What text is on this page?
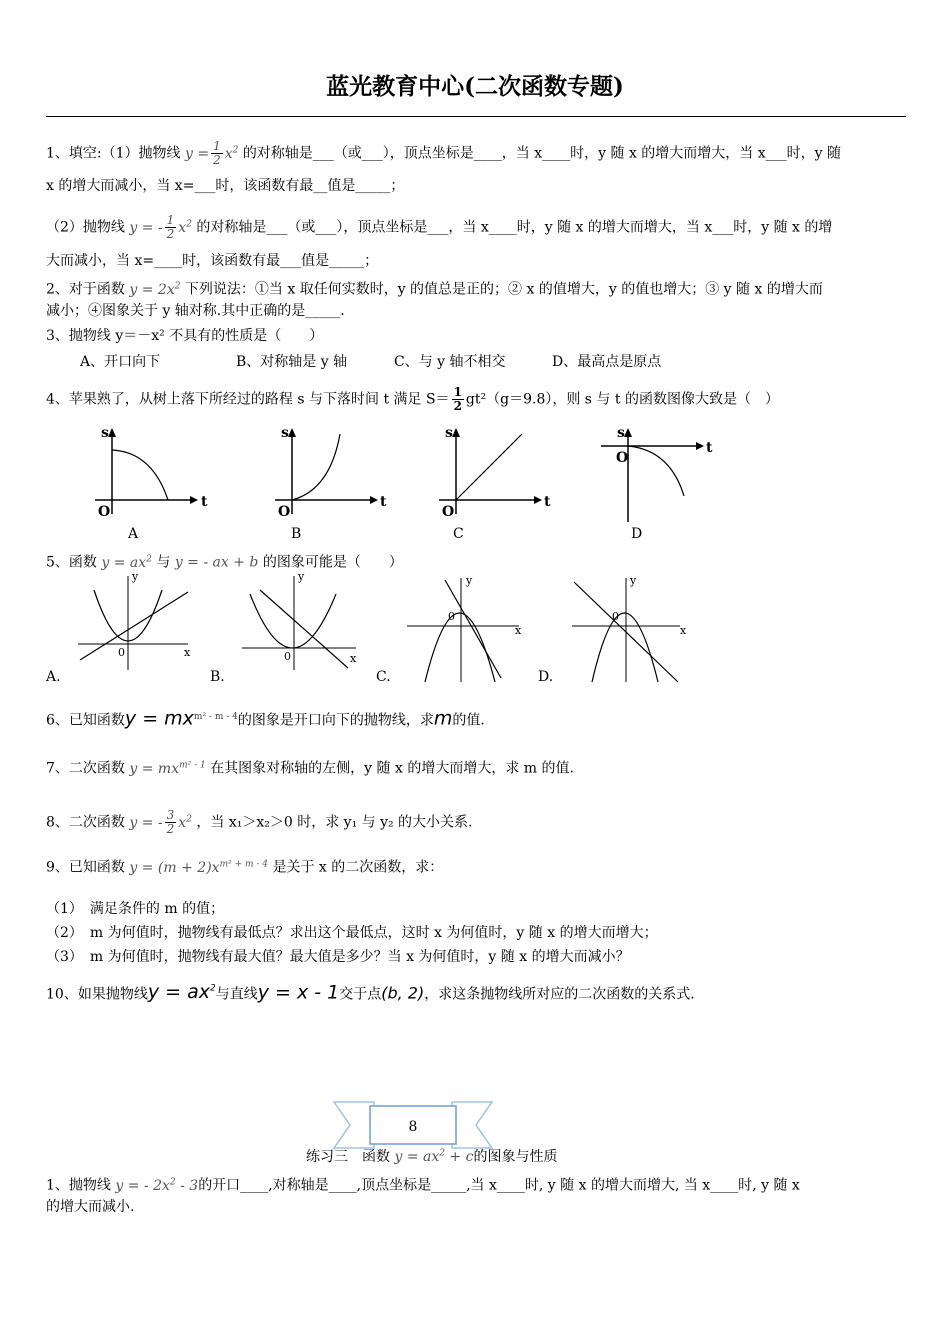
蓝光教育中心(二次函数专题)
1、填空:（1）抛物线 $y = \frac{1}{2} x^2$ 的对称轴是___（或___），顶点坐标是____，当 x____时，y 随 x 的增大而增大，当 x___时，y 随
x 的增大而减小，当 x=___时，该函数有最__值是_____；
（2）抛物线 y = - $\frac{1}{2} x^2$ 的对称轴是___（或___），顶点坐标是___，当 x____时，y 随 x 的增大而增大，当 x___时，y 随 x 的增
大而减小，当 x=____时，该函数有最___值是_____；
2、对于函数 $y = 2x^2$ 下列说法：①当 x 取任何实数时，y 的值总是正的；② x 的值增大，y 的值也增大；③ y 随 x 的增大而
减小；④图象关于 y 轴对称.其中正确的是_____.
3、抛物线 y＝－x² 不具有的性质是（　　）
A、开口向下	B、对称轴是 y 轴	C、与 y 轴不相交	D、最高点是原点
4、苹果熟了，从树上落下所经过的路程 s 与下落时间 t 满足 $S= \frac{1}{2} gt^2(g=9.8)$，则 s 与 t 的函数图像大致是（　）
s
t
O
A
s
t
O
B
s
t
O
C
s
t
O
D
5、函数 $y = ax^2$ 与 y = - ax + b 的图象可能是（　　）
y
x
0
A.
y
x
0
B.
y
x
0
C.
y
x
0
D.
6、已知函数$y = mx^{m^2 - m - 4}$的图象是开口向下的抛物线，求m的值.
7、二次函数 $y = mx^{m^2 - 1}$ 在其图象对称轴的左侧，y 随 x 的增大而增大，求 m 的值.
8、二次函数 y = - $\frac{3}{2} x^2$ ，当 x₁＞x₂＞0 时，求 y₁ 与 y₂ 的大小关系.
9、已知函数 $y = (m + 2)x^{m^2 + m - 4}$ 是关于 x 的二次函数，求：
（1）　满足条件的 m 的值；
（2）　m 为何值时，抛物线有最低点？求出这个最低点，这时 x 为何值时，y 随 x 的增大而增大；
（3）　m 为何值时，抛物线有最大值？最大值是多少？当 x 为何值时，y 随 x 的增大而减小？
10、如果抛物线$y = ax^2$与直线y = x - 1交于点(b, 2)，求这条抛物线所对应的二次函数的关系式.
8
练习三　函数 $y = ax^2 + c$的图象与性质
1、抛物线 y = - $2x^2 - 3$的开口____,对称轴是____,顶点坐标是_____,当 x____时, y 随 x 的增大而增大, 当 x____时, y 随 x
的增大而减小.
